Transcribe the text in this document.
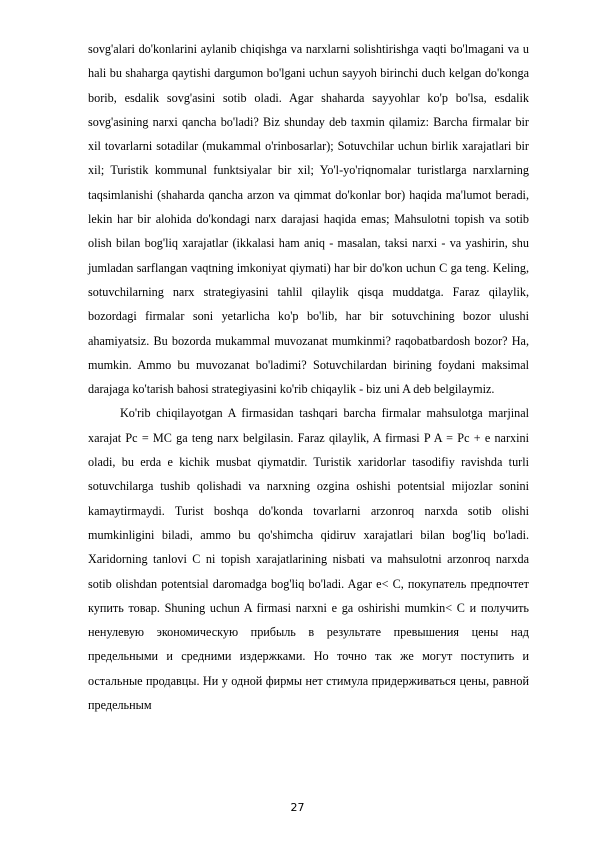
sovg'alari do'konlarini aylanib chiqishga va narxlarni solishtirishga vaqti bo'lmagani va u hali bu shaharga qaytishi dargumon bo'lgani uchun sayyoh birinchi duch kelgan do'konga borib, esdalik sovg'asini sotib oladi. Agar shaharda sayyohlar ko'p bo'lsa, esdalik sovg'asining narxi qancha bo'ladi? Biz shunday deb taxmin qilamiz: Barcha firmalar bir xil tovarlarni sotadilar (mukammal o'rinbosarlar); Sotuvchilar uchun birlik xarajatlari bir xil; Turistik kommunal funktsiyalar bir xil; Yo'l-yo'riqnomalar turistlarga narxlarning taqsimlanishi (shaharda qancha arzon va qimmat do'konlar bor) haqida ma'lumot beradi, lekin har bir alohida do'kondagi narx darajasi haqida emas; Mahsulotni topish va sotib olish bilan bog'liq xarajatlar (ikkalasi ham aniq - masalan, taksi narxi - va yashirin, shu jumladan sarflangan vaqtning imkoniyat qiymati) har bir do'kon uchun C ga teng. Keling, sotuvchilarning narx strategiyasini tahlil qilaylik qisqa muddatga. Faraz qilaylik, bozordagi firmalar soni yetarlicha ko'p bo'lib, har bir sotuvchining bozor ulushi ahamiyatsiz. Bu bozorda mukammal muvozanat mumkinmi? raqobatbardosh bozor? Ha, mumkin. Ammo bu muvozanat bo'ladimi? Sotuvchilardan birining foydani maksimal darajaga ko'tarish bahosi strategiyasini ko'rib chiqaylik - biz uni A deb belgilaymiz.

Ko'rib chiqilayotgan A firmasidan tashqari barcha firmalar mahsulotga marjinal xarajat Pc = MC ga teng narx belgilasin. Faraz qilaylik, A firmasi P A = Pc + e narxini oladi, bu erda e kichik musbat qiymatdir. Turistik xaridorlar tasodifiy ravishda turli sotuvchilarga tushib qolishadi va narxning ozgina oshishi potentsial mijozlar sonini kamaytirmaydi. Turist boshqa do'konda tovarlarni arzonroq narxda sotib olishi mumkinligini biladi, ammo bu qo'shimcha qidiruv xarajatlari bilan bog'liq bo'ladi. Xaridorning tanlovi C ni topish xarajatlarining nisbati va mahsulotni arzonroq narxda sotib olishdan potentsial daromadga bog'liq bo'ladi. Agar e< C, покупатель предпочтет купить товар. Shuning uchun A firmasi narxni e ga oshirishi mumkin< C и получить ненулевую экономическую прибыль в результате превышения цены над предельными и средними издержками. Но точно так же могут поступить и остальные продавцы. Ни у одной фирмы нет стимула придерживаться цены, равной предельным

27
